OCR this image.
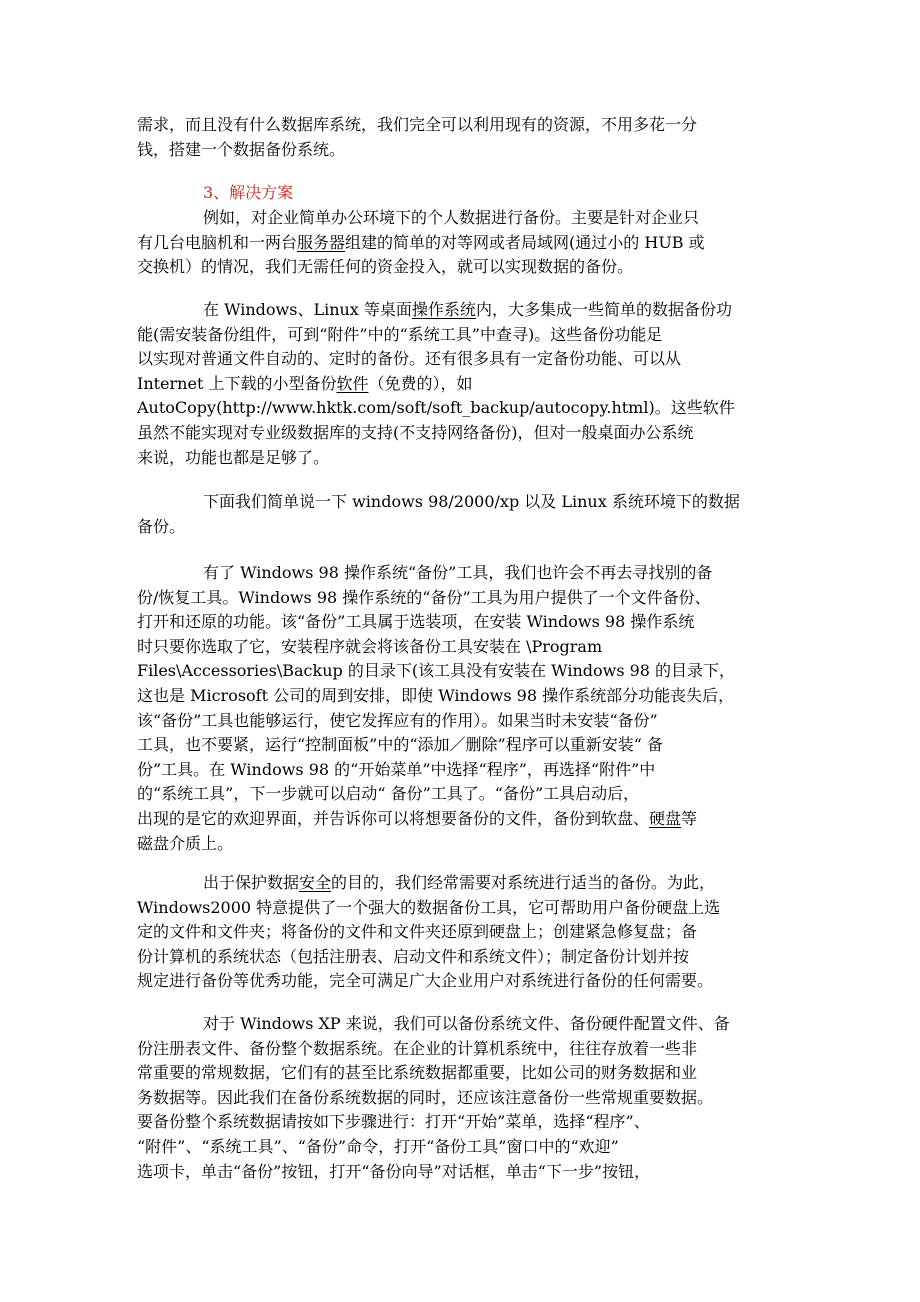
需求，而且没有什么数据库系统，我们完全可以利用现有的资源，不用多花一分
钱，搭建一个数据备份系统。
3、解决方案
例如，对企业简单办公环境下的个人数据进行备份。主要是针对企业只
有几台电脑机和一两台服务器组建的简单的对等网或者局域网(通过小的 HUB 或
交换机）的情况，我们无需任何的资金投入，就可以实现数据的备份。
在 Windows、Linux 等桌面操作系统内，大多集成一些简单的数据备份功
能(需安装备份组件，可到“附件”中的“系统工具”中查寻)。这些备份功能足
以实现对普通文件自动的、定时的备份。还有很多具有一定备份功能、可以从
Internet 上下载的小型备份软件（免费的），如
AutoCopy(http://www.hktk.com/soft/soft_backup/autocopy.html)。这些软件
虽然不能实现对专业级数据库的支持(不支持网络备份)，但对一般桌面办公系统
来说，功能也都是足够了。
下面我们简单说一下 windows 98/2000/xp 以及 Linux 系统环境下的数据
备份。
有了 Windows 98 操作系统“备份”工具，我们也许会不再去寻找别的备
份/恢复工具。Windows 98 操作系统的“备份”工具为用户提供了一个文件备份、
打开和还原的功能。该“备份”工具属于选装项，在安装 Windows 98 操作系统
时只要你选取了它，安装程序就会将该备份工具安装在 \Program
Files\Accessories\Backup 的目录下(该工具没有安装在 Windows 98 的目录下，
这也是 Microsoft 公司的周到安排，即使 Windows 98 操作系统部分功能丧失后，
该“备份”工具也能够运行，使它发挥应有的作用）。如果当时未安装“备份”
工具，也不要紧，运行“控制面板”中的“添加／删除”程序可以重新安装“ 备
份”工具。在 Windows 98 的“开始菜单”中选择“程序”，再选择“附件”中
的“系统工具”，下一步就可以启动“ 备份”工具了。“备份”工具启动后，
出现的是它的欢迎界面，并告诉你可以将想要备份的文件，备份到软盘、硬盘等
磁盘介质上。
出于保护数据安全的目的，我们经常需要对系统进行适当的备份。为此，
Windows2000 特意提供了一个强大的数据备份工具，它可帮助用户备份硬盘上选
定的文件和文件夹；将备份的文件和文件夹还原到硬盘上；创建紧急修复盘；备
份计算机的系统状态（包括注册表、启动文件和系统文件）；制定备份计划并按
规定进行备份等优秀功能，完全可满足广大企业用户对系统进行备份的任何需要。
对于 Windows XP 来说，我们可以备份系统文件、备份硬件配置文件、备
份注册表文件、备份整个数据系统。在企业的计算机系统中，往往存放着一些非
常重要的常规数据，它们有的甚至比系统数据都重要，比如公司的财务数据和业
务数据等。因此我们在备份系统数据的同时，还应该注意备份一些常规重要数据。
要备份整个系统数据请按如下步骤进行：打开“开始”菜单，选择“程序”、
“附件”、“系统工具”、“备份”命令，打开“备份工具”窗口中的“欢迎”
选项卡，单击“备份”按钮，打开“备份向导”对话框，单击“下一步”按钮，
